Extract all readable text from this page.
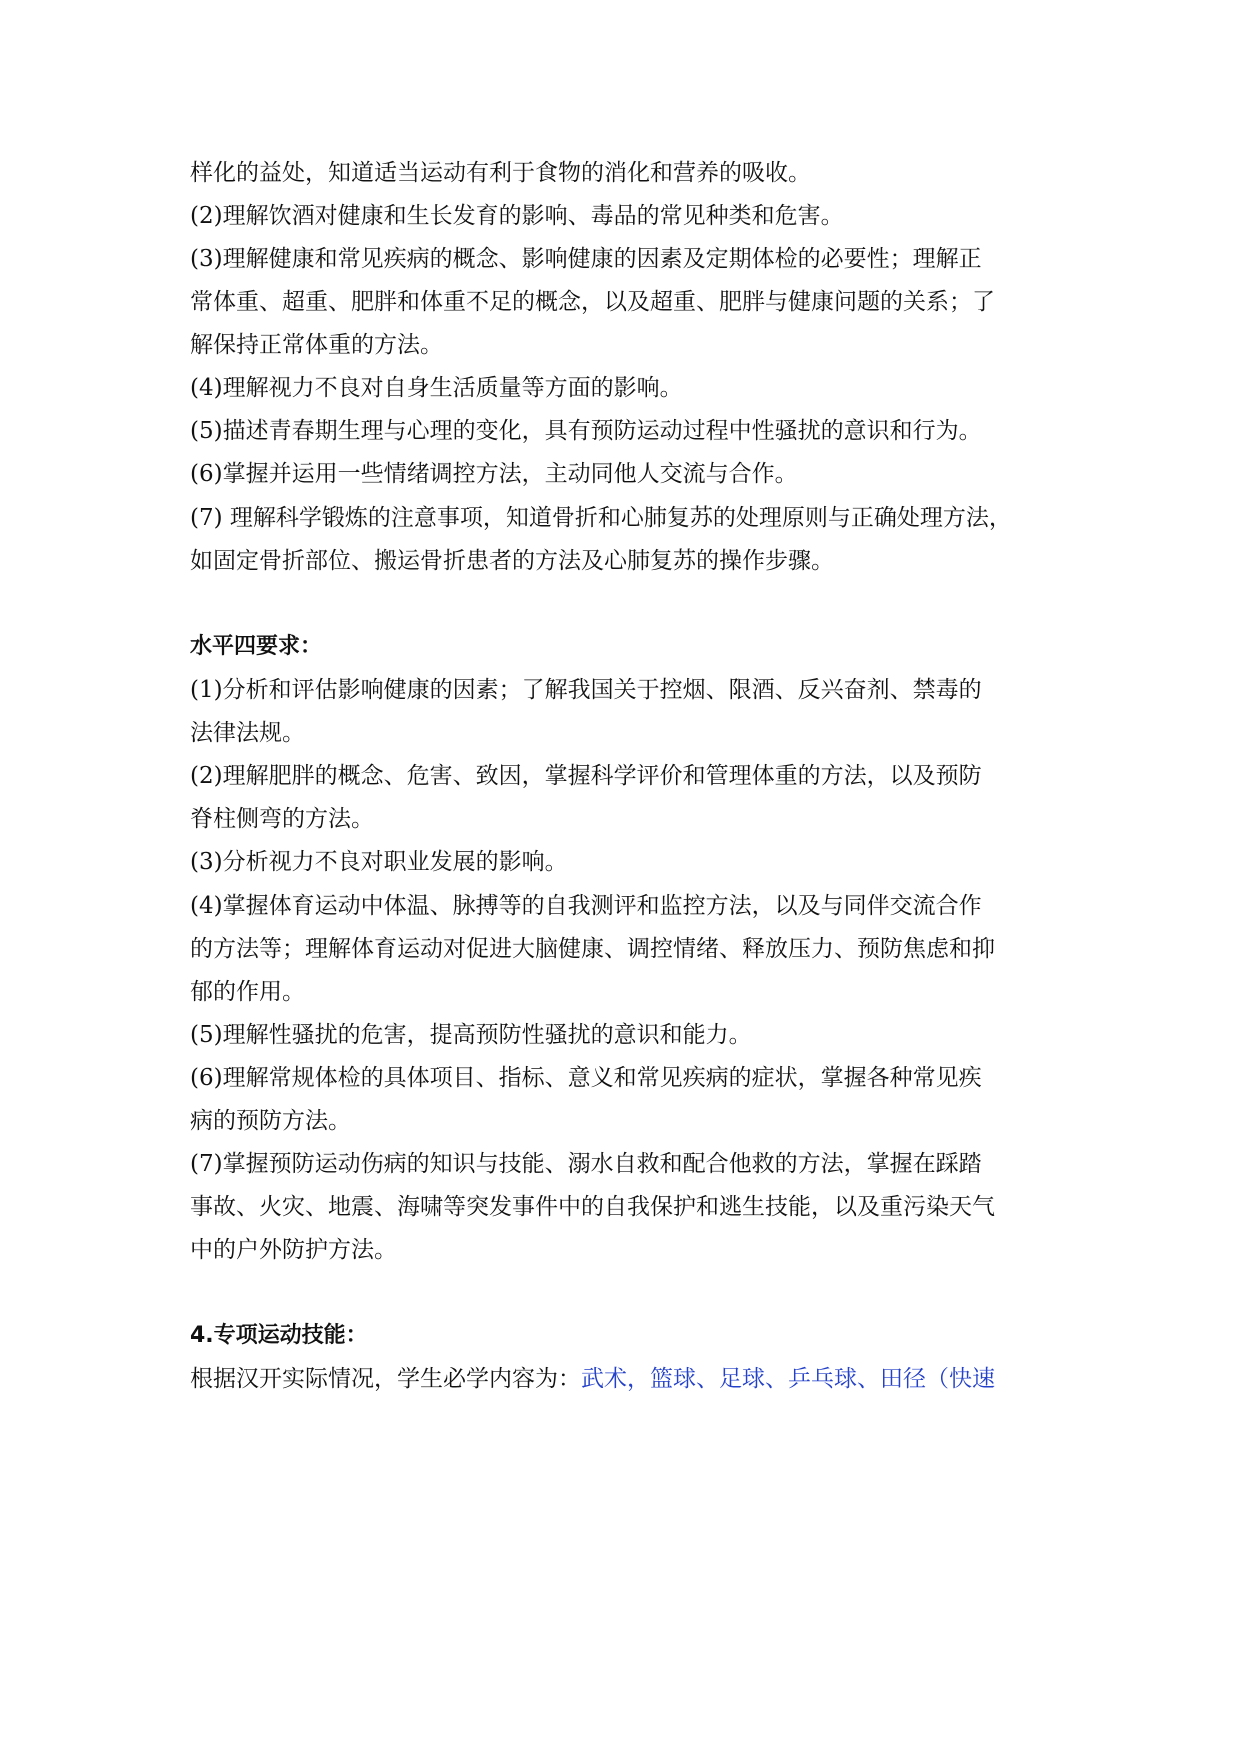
样化的益处，知道适当运动有利于食物的消化和营养的吸收。
(2)理解饮酒对健康和生长发育的影响、毒品的常见种类和危害。
(3)理解健康和常见疾病的概念、影响健康的因素及定期体检的必要性；理解正
常体重、超重、肥胖和体重不足的概念，以及超重、肥胖与健康问题的关系；了
解保持正常体重的方法。
(4)理解视力不良对自身生活质量等方面的影响。
(5)描述青春期生理与心理的变化，具有预防运动过程中性骚扰的意识和行为。
(6)掌握并运用一些情绪调控方法，主动同他人交流与合作。
(7) 理解科学锻炼的注意事项，知道骨折和心肺复苏的处理原则与正确处理方法，
如固定骨折部位、搬运骨折患者的方法及心肺复苏的操作步骤。
水平四要求：
(1)分析和评估影响健康的因素；了解我国关于控烟、限酒、反兴奋剂、禁毒的
法律法规。
(2)理解肥胖的概念、危害、致因，掌握科学评价和管理体重的方法，以及预防
脊柱侧弯的方法。
(3)分析视力不良对职业发展的影响。
(4)掌握体育运动中体温、脉搏等的自我测评和监控方法，以及与同伴交流合作
的方法等；理解体育运动对促进大脑健康、调控情绪、释放压力、预防焦虑和抑
郁的作用。
(5)理解性骚扰的危害，提高预防性骚扰的意识和能力。
(6)理解常规体检的具体项目、指标、意义和常见疾病的症状，掌握各种常见疾
病的预防方法。
(7)掌握预防运动伤病的知识与技能、溺水自救和配合他救的方法，掌握在踩踏
事故、火灾、地震、海啸等突发事件中的自我保护和逃生技能，以及重污染天气
中的户外防护方法。
4.专项运动技能：
根据汉开实际情况，学生必学内容为：武术，篮球、足球、乒乓球、田径（快速
